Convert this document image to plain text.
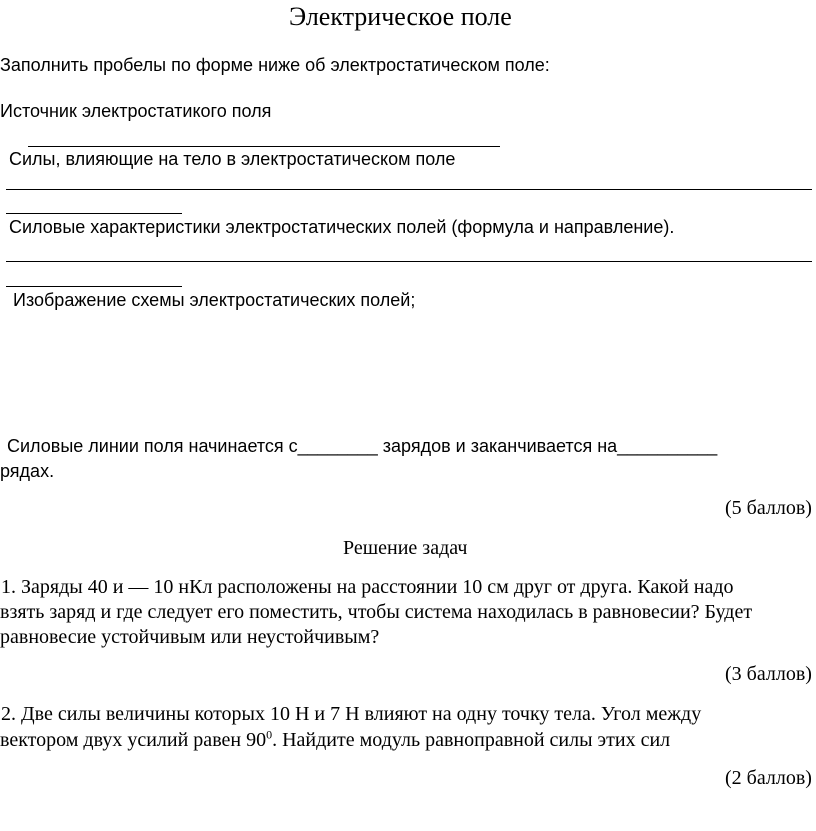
Электрическое поле
Заполнить пробелы по форме ниже об электростатическом поле:
Источник электростатикого поля
Силы, влияющие на тело в электростатическом поле
Силовые характеристики электростатических полей (формула и направление).
Изображение схемы электростатических полей;
Силовые линии поля начинается с________ зарядов и заканчивается на__________
рядах.
(5 баллов)
Решение задач
1. Заряды 40 и — 10 нКл расположены на расстоянии 10 см друг от друга. Какой надо
взять заряд и где следует его поместить, чтобы система находилась в равновесии? Будет
равновесие устойчивым или неустойчивым?
(3 баллов)
2. Две силы величины которых 10 Н и 7 Н влияют на одну точку тела. Угол между
вектором двух усилий равен $90^0$. Найдите модуль равноправной силы этих сил
(2 баллов)
